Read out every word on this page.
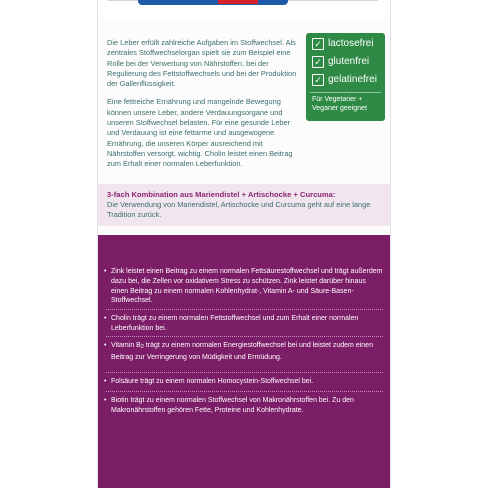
Die Leber erfüllt zahlreiche Aufgaben im Stoffwechsel. Als zentrales Stoffwechselorgan spielt sie zum Beispiel eine Rolle bei der Verwertung von Nährstoffen, bei der Regulierung des Fettstoffwechsels und bei der Produktion der Gallenflüssigkeit.

Eine fettreiche Ernährung und mangelnde Bewegung können unsere Leber, andere Verdauungsorgane und unseren Stoffwechsel belasten. Für eine gesunde Leber und Verdauung ist eine fettarme und ausgewogene Ernährung, die unseren Körper ausreichend mit Nährstoffen versorgt, wichtig. Cholin leistet einen Beitrag zum Erhalt einer normalen Leberfunktion.

✓ lactosefrei
✓ glutenfrei
✓ gelatinefrei
Für Vegetarier + Veganer geeignet
3-fach Kombination aus Mariendistel + Artischocke + Curcuma:
Die Verwendung von Mariendistel, Artischocke und Curcuma geht auf eine lange Tradition zurück.
• Zink leistet einen Beitrag zu einem normalen Fettsäurestoffwechsel und trägt außerdem dazu bei, die Zellen vor oxidativem Stress zu schützen. Zink leistet darüber hinaus einen Beitrag zu einem normalen Kohlenhydrat-, Vitamin A- und Säure-Basen-Stoffwechsel.
• Cholin trägt zu einem normalen Fettstoffwechsel und zum Erhalt einer normalen Leberfunktion bei.
• Vitamin B2 trägt zu einem normalen Energiestoffwechsel bei und leistet zudem einen Beitrag zur Verringerung von Müdigkeit und Ermüdung.
• Folsäure trägt zu einem normalen Homocystein-Stoffwechsel bei.
• Biotin trägt zu einem normalen Stoffwechsel von Makronährstoffen bei. Zu den Makronährstoffen gehören Fette, Proteine und Kohlenhydrate.
